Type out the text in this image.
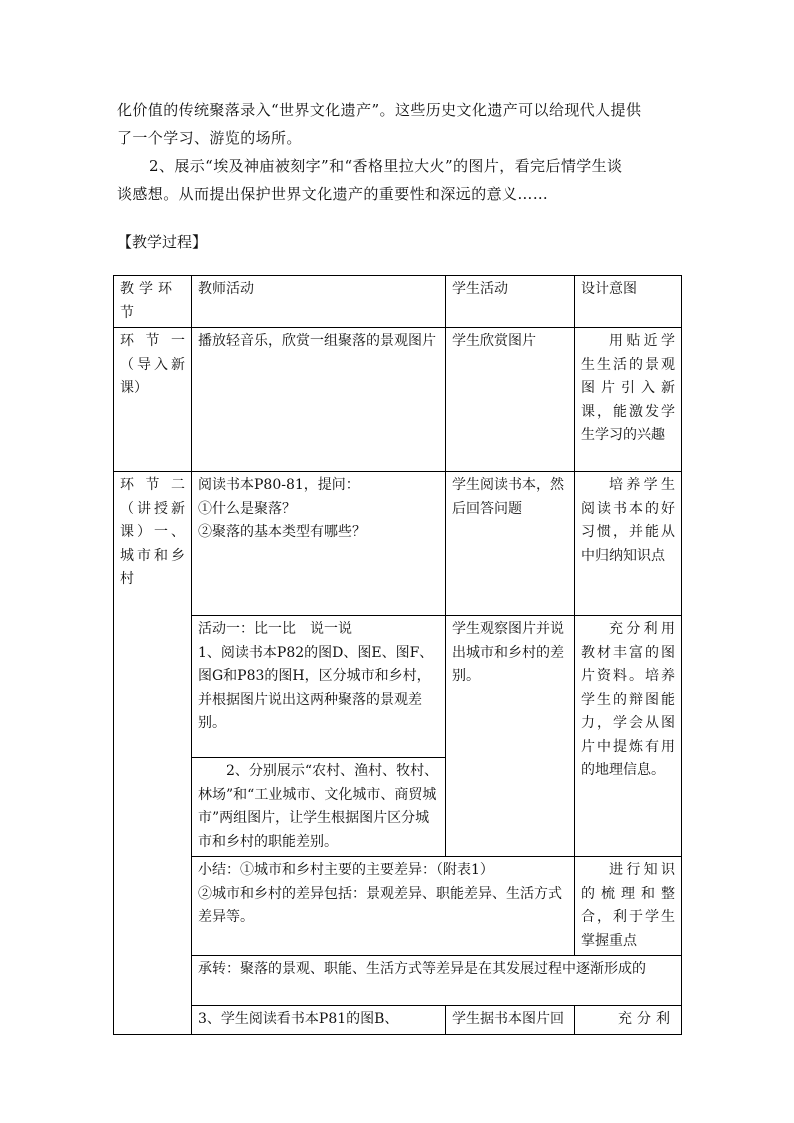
化价值的传统聚落录入“世界文化遗产”。这些历史文化遗产可以给现代人提供
了一个学习、游览的场所。
2、展示“埃及神庙被刻字”和“香格里拉大火”的图片，看完后情学生谈
谈感想。从而提出保护世界文化遗产的重要性和深远的意义……
【教学过程】
教学环节	教师活动	学生活动	设计意图

环节一（导入新课）	播放轻音乐，欣赏一组聚落的景观图片	学生欣赏图片	用贴近学生生活的景观图片引入新课，能激发学生学习的兴趣

环节二（讲授新课）一、城市和乡村	阅读书本P80-81，提问：
①什么是聚落？
②聚落的基本类型有哪些？	学生阅读书本，然后回答问题	培养学生阅读书本的好习惯，并能从中归纳知识点

	活动一：比一比　说一说
1、阅读书本P82的图D、图E、图F、图G和P83的图H，区分城市和乡村，并根据图片说出这两种聚落的景观差别。	学生观察图片并说出城市和乡村的差别。	充分利用教材丰富的图片资料。培养学生的辩图能力，学会从图片中提炼有用的地理信息。

	2、分别展示“农村、渔村、牧村、林场”和“工业城市、文化城市、商贸城市”两组图片，让学生根据图片区分城市和乡村的职能差别。		

	小结：①城市和乡村主要的主要差异：（附表1）
②城市和乡村的差异包括：景观差异、职能差异、生活方式差异等。		进行知识的梳理和整合，利于学生掌握重点

	承转：聚落的景观、职能、生活方式等差异是在其发展过程中逐渐形成的		

	3、学生阅读看书本P81的图B、	学生据书本图片回	充分利
